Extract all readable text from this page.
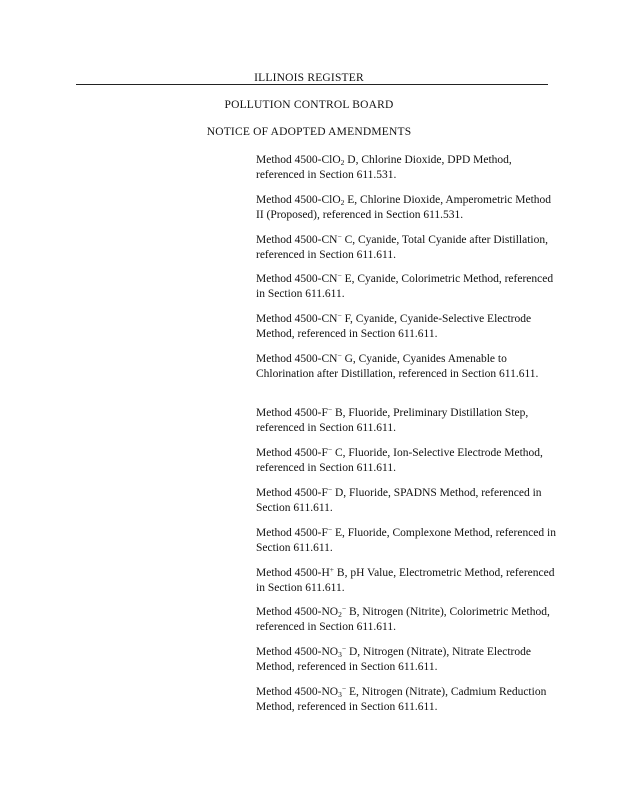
ILLINOIS REGISTER
POLLUTION CONTROL BOARD
NOTICE OF ADOPTED AMENDMENTS
Method 4500-ClO$_2$ D, Chlorine Dioxide, DPD Method, referenced in Section 611.531.
Method 4500-ClO$_2$ E, Chlorine Dioxide, Amperometric Method II (Proposed), referenced in Section 611.531.
Method 4500-CN− C, Cyanide, Total Cyanide after Distillation, referenced in Section 611.611.
Method 4500-CN− E, Cyanide, Colorimetric Method, referenced in Section 611.611.
Method 4500-CN− F, Cyanide, Cyanide-Selective Electrode Method, referenced in Section 611.611.
Method 4500-CN− G, Cyanide, Cyanides Amenable to Chlorination after Distillation, referenced in Section 611.611.
Method 4500-F− B, Fluoride, Preliminary Distillation Step, referenced in Section 611.611.
Method 4500-F− C, Fluoride, Ion-Selective Electrode Method, referenced in Section 611.611.
Method 4500-F− D, Fluoride, SPADNS Method, referenced in Section 611.611.
Method 4500-F− E, Fluoride, Complexone Method, referenced in Section 611.611.
Method 4500-H+ B, pH Value, Electrometric Method, referenced in Section 611.611.
Method $4500-NO_2^-$ B, Nitrogen (Nitrite), Colorimetric Method, referenced in Section 611.611.
Method $4500-NO_3^-$ D, Nitrogen (Nitrate), Nitrate Electrode Method, referenced in Section 611.611.
Method $4500-NO_3^-$ E, Nitrogen (Nitrate), Cadmium Reduction Method, referenced in Section 611.611.
